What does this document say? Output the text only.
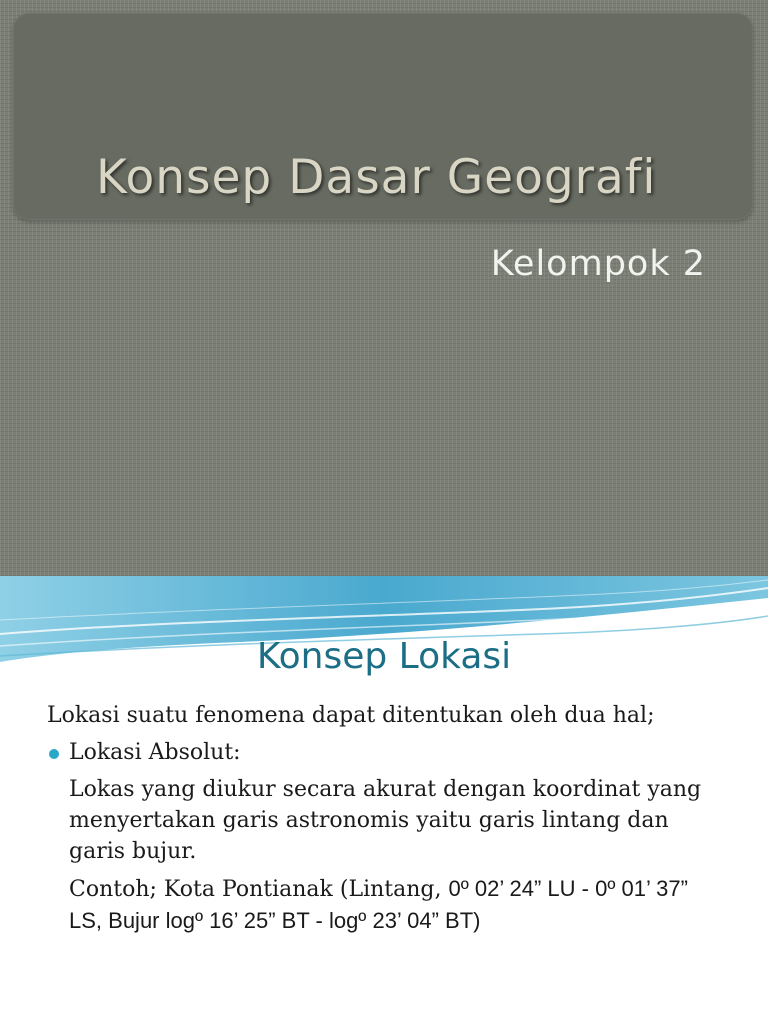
Konsep Dasar Geografi
Kelompok 2
Konsep Lokasi

Lokasi suatu fenomena dapat ditentukan oleh dua hal;

Lokasi Absolut:

Lokas yang diukur secara akurat dengan koordinat yang menyertakan garis astronomis yaitu garis lintang dan garis bujur.

Contoh; Kota Pontianak (Lintang, 0º 02’ 24” LU - 0º 01’ 37” LS, Bujur logº 16’ 25” BT - logº 23’ 04” BT)
